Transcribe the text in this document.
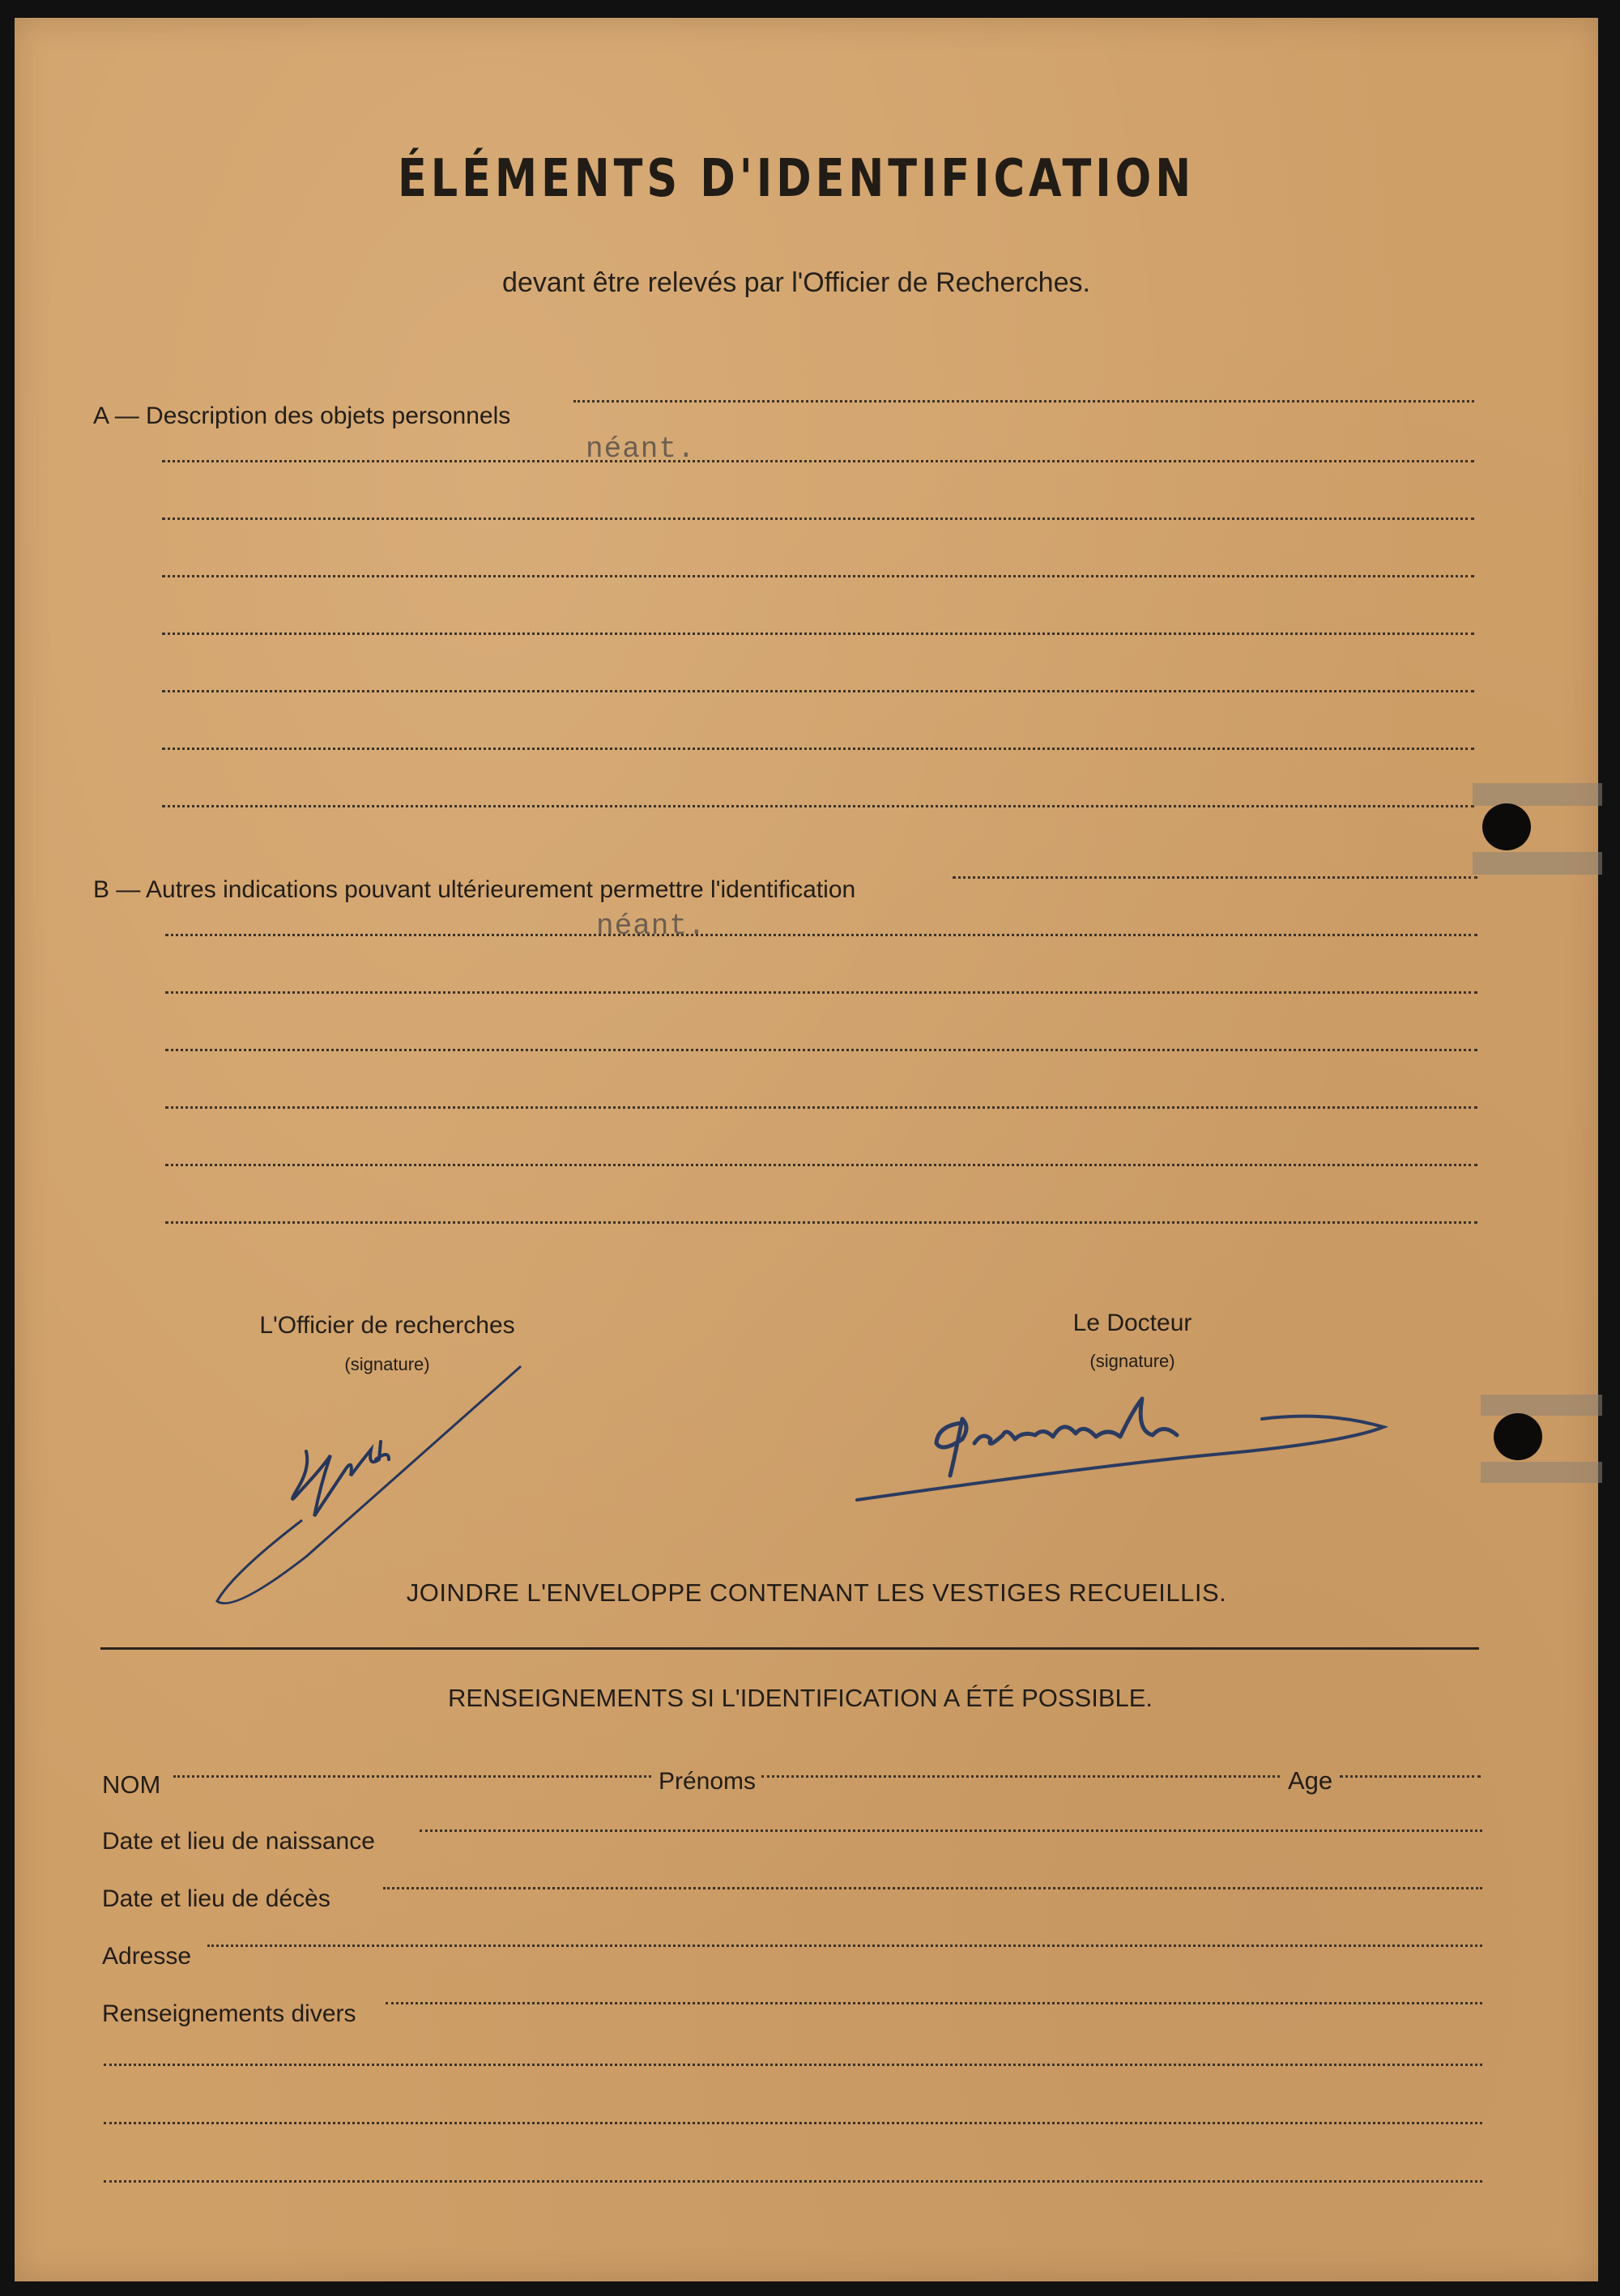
ÉLÉMENTS D'IDENTIFICATION
devant être relevés par l'Officier de Recherches.
A — Description des objets personnels
néant.
B — Autres indications pouvant ultérieurement permettre l'identification
néant.
L'Officier de recherches
(signature)
Le Docteur
(signature)
JOINDRE L'ENVELOPPE CONTENANT LES VESTIGES RECUEILLIS.
RENSEIGNEMENTS SI L'IDENTIFICATION A ÉTÉ POSSIBLE.
NOM	Prénoms	Age
Date et lieu de naissance
Date et lieu de décès
Adresse
Renseignements divers
